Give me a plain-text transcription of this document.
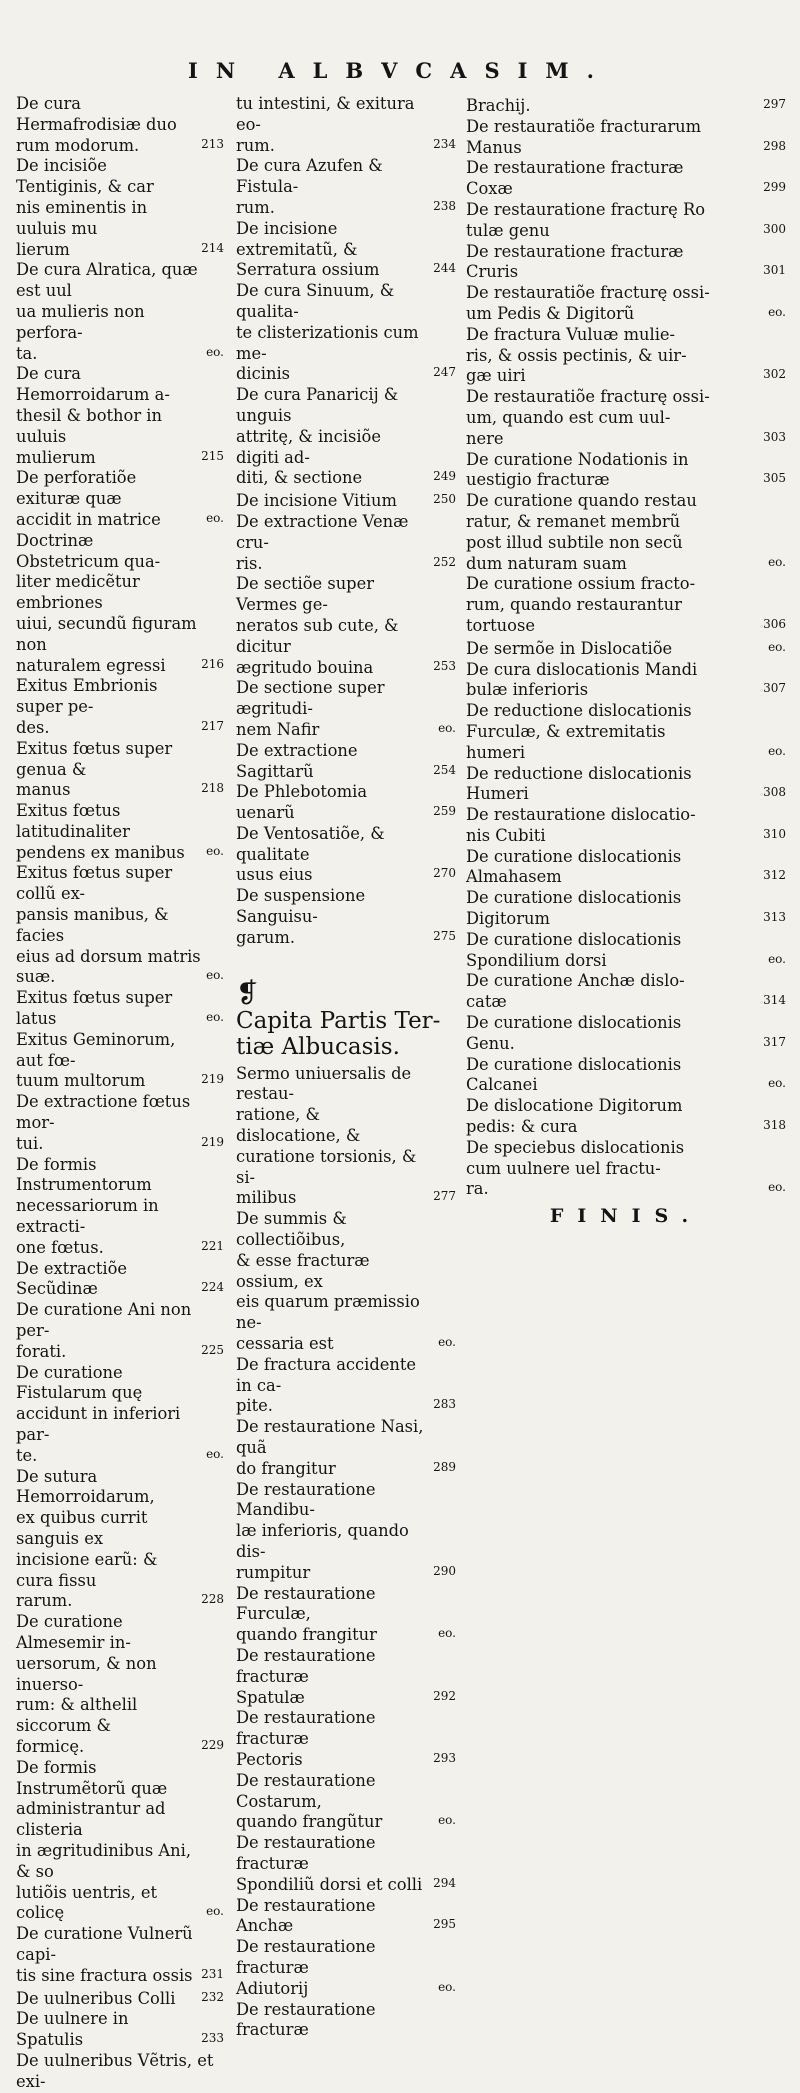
IN ALBVCASIM.
De cura Hermafrodisiæ duo
rum modorum.	213
De incisiõe Tentiginis, & car
nis eminentis in uuluis mu
lierum	214
De cura Alratica, quæ est uul
ua mulieris non perfora-
ta.	eo.
De cura Hemorroidarum a-
thesil & bothor in uuluis
mulierum	215
De perforatiõe exituræ quæ
accidit in matrice	eo.
Doctrinæ Obstetricum qua-
liter medicẽtur embriones
uiui, secundũ figuram non
naturalem egressi	216
Exitus Embrionis super pe-
des.	217
Exitus fœtus super genua &
manus	218
Exitus fœtus latitudinaliter
pendens ex manibus	eo.
Exitus fœtus super collũ ex-
pansis manibus, & facies
eius ad dorsum matris
suæ.	eo.
Exitus fœtus super latus	eo.
Exitus Geminorum, aut fœ-
tuum multorum	219
De extractione fœtus mor-
tui.	219
De formis Instrumentorum
necessariorum in extracti-
one fœtus.	221
De extractiõe Secũdinæ	224
De curatione Ani non per-
forati.	225
De curatione Fistularum quę
accidunt in inferiori par-
te.	eo.
De sutura Hemorroidarum,
ex quibus currit sanguis ex
incisione earũ: & cura fissu
rarum.	228
De curatione Almesemir in-
uersorum, & non inuerso-
rum: & althelil siccorum &
formicę.	229
De formis Instrumẽtorũ quæ
administrantur ad clisteria
in ægritudinibus Ani, & so
lutiõis uentris, et colicę	eo.
De curatione Vulnerũ capi-
tis sine fractura ossis 231
De uulneribus Colli	232
De uulnere in Spatulis	233
De uulneribus Vẽtris, et exi-
tu intestini, & exitura eo-
rum.	234
De cura Azufen & Fistula-
rum.	238
De incisione extremitatũ, &
Serratura ossium	244
De cura Sinuum, & qualita-
te clisterizationis cum me-
dicinis	247
De cura Panaricij & unguis
attritę, & incisiõe digiti ad-
diti, & sectione	249
De incisione Vitium	250
De extractione Venæ cru-
ris.	252
De sectiõe super Vermes ge-
neratos sub cute, & dicitur
ægritudo bouina	253
De sectione super ægritudi-
nem Nafir	eo.
De extractione Sagittarũ	254
De Phlebotomia uenarũ	259
De Ventosatiõe, & qualitate
usus eius	270
De suspensione Sanguisu-
garum.	275

❡
Capita Partis Ter-
tiæ Albucasis.

Sermo uniuersalis de restau-
ratione, & dislocatione, &
curatione torsionis, & si-
milibus	277
De summis & collectiõibus,
& esse fracturæ ossium, ex
eis quarum præmissio ne-
cessaria est	eo.
De fractura accidente in ca-
pite.	283
De restauratione Nasi, quã
do frangitur	289
De restauratione Mandibu-
læ inferioris, quando dis-
rumpitur	290
De restauratione Furculæ,
quando frangitur	eo.
De restauratione fracturæ
Spatulæ	292
De restauratione fracturæ
Pectoris	293
De restauratione Costarum,
quando frangũtur	eo.
De restauratione fracturæ
Spondiliũ dorsi et colli 294
De restauratione Anchæ	295
De restauratione fracturæ
Adiutorij	eo.
De restauratione fracturæ
Brachij.	297
De restauratiõe fracturarum
Manus	298
De restauratione fracturæ
Coxæ	299
De restauratione fracturę Ro
tulæ genu	300
De restauratione fracturæ
Cruris	301
De restauratiõe fracturę ossi-
um Pedis & Digitorũ	eo.
De fractura Vuluæ mulie-
ris, & ossis pectinis, & uir-
gæ uiri	302
De restauratiõe fracturę ossi-
um, quando est cum uul-
nere	303
De curatione Nodationis in
uestigio fracturæ	305
De curatione quando restau
ratur, & remanet membrũ
post illud subtile non secũ
dum naturam suam	eo.
De curatione ossium fracto-
rum, quando restaurantur
tortuose	306
De sermõe in Dislocatiõe	eo.
De cura dislocationis Mandi
bulæ inferioris	307
De reductione dislocationis
Furculæ, & extremitatis
humeri	eo.
De reductione dislocationis
Humeri	308
De restauratione dislocatio-
nis Cubiti	310
De curatione dislocationis
Almahasem	312
De curatione dislocationis
Digitorum	313
De curatione dislocationis
Spondilium dorsi	eo.
De curatione Anchæ dislo-
catæ	314
De curatione dislocationis
Genu.	317
De curatione dislocationis
Calcanei	eo.
De dislocatione Digitorum
pedis: & cura	318
De speciebus dislocationis
cum uulnere uel fractu-
ra.	eo.
FINIS.
